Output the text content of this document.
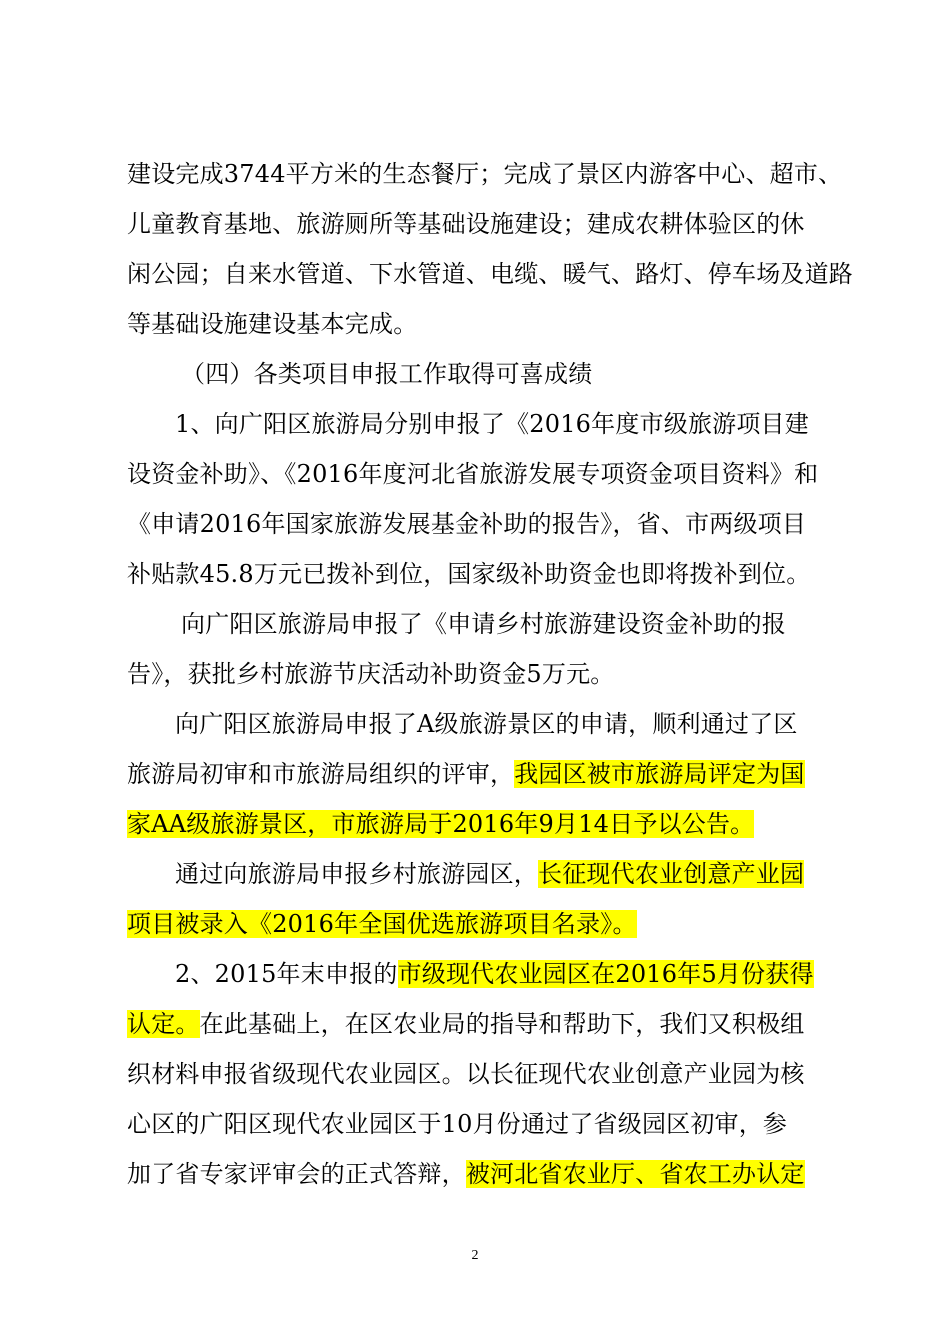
建设完成3744平方米的生态餐厅；完成了景区内游客中心、超市、
儿童教育基地、旅游厕所等基础设施建设；建成农耕体验区的休
闲公园；自来水管道、下水管道、电缆、暖气、路灯、停车场及道路
等基础设施建设基本完成。
（四）各类项目申报工作取得可喜成绩
1、向广阳区旅游局分别申报了《2016年度市级旅游项目建
设资金补助》、《2016年度河北省旅游发展专项资金项目资料》和
《申请2016年国家旅游发展基金补助的报告》，省、市两级项目
补贴款45.8万元已拨补到位，国家级补助资金也即将拨补到位。
向广阳区旅游局申报了《申请乡村旅游建设资金补助的报
告》，获批乡村旅游节庆活动补助资金5万元。
向广阳区旅游局申报了A级旅游景区的申请，顺利通过了区
旅游局初审和市旅游局组织的评审，我园区被市旅游局评定为国
家AA级旅游景区，市旅游局于2016年9月14日予以公告。
通过向旅游局申报乡村旅游园区，长征现代农业创意产业园
项目被录入《2016年全国优选旅游项目名录》。
2、2015年末申报的市级现代农业园区在2016年5月份获得
认定。在此基础上，在区农业局的指导和帮助下，我们又积极组
织材料申报省级现代农业园区。以长征现代农业创意产业园为核
心区的广阳区现代农业园区于10月份通过了省级园区初审，参
加了省专家评审会的正式答辩，被河北省农业厅、省农工办认定
2
